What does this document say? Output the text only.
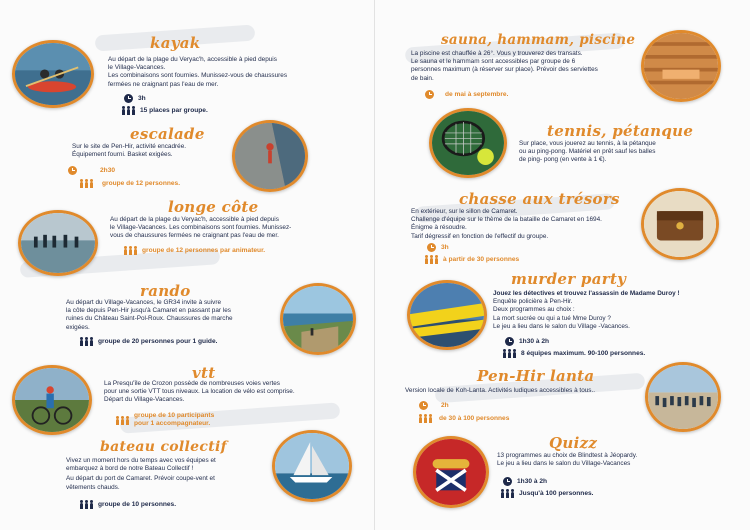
kayak

Au départ de la plage du Veryac'h, accessible à pied depuis

le Village-Vacances.

Les combinaisons sont fournies. Munissez-vous de chaussures

fermées ne craignant pas l'eau de mer.

3h
15 places par groupe.
escalade

Sur le site de Pen-Hir, activité encadrée.

Équipement fourni. Basket exigées.

2h30
groupe de 12 personnes.
longe côte

Au départ de la plage du Veryac'h, accessible à pied depuis

le Village-Vacances. Les combinaisons sont fournies. Munissez-

vous de chaussures fermées ne craignant pas l'eau de mer.

groupe de 12 personnes par animateur.
rando

Au départ du Village-Vacances, le GR34 invite à suivre

la côte depuis Pen-Hir jusqu'à Camaret en passant par les

ruines du Château Saint-Pol-Roux. Chaussures de marche

exigées.

groupe de 20 personnes pour 1 guide.
vtt

La Presqu'île de Crozon possède de nombreuses voies vertes

pour une sortie VTT tous niveaux. La location de vélo est comprise.

Départ du Village-Vacances.

groupe de 10 participants
pour 1 accompagnateur.
bateau collectif

Vivez un moment hors du temps avec vos équipes et

embarquez à bord de notre Bateau Collectif !

Au départ du port de Camaret. Prévoir coupe-vent et

vêtements chauds.

groupe de 10 personnes.
sauna, hammam, piscine

La piscine est chauffée à 26°. Vous y trouverez des transats.

Le sauna et le hammam sont accessibles par groupe de 6

personnes maximum (à réserver sur place). Prévoir des serviettes

de bain.

de mai à septembre.
tennis, pétanque

Sur place, vous jouerez au tennis, à la pétanque

ou au ping-pong. Matériel en prêt sauf les balles

de ping- pong (en vente à 1 €).

chasse aux trésors

En extérieur, sur le sillon de Camaret.

Challenge d'équipe sur le thème de la bataille de Camaret en 1694.

Énigme à résoudre.

Tarif dégressif en fonction de l'effectif du groupe.

3h
à partir de 30 personnes
murder party

Jouez les détectives et trouvez l'assassin de Madame Duroy !

Enquête policière à Pen-Hir.

Deux programmes au choix :

La mort sucrée ou qui a tué Mme Duroy ?

Le jeu a lieu dans le salon du Village -Vacances.

1h30 à 2h
8 équipes maximum. 90-100 personnes.
Pen-Hir lanta

Version locale de Koh-Lanta. Activités ludiques accessibles à tous..

2h
de 30 à 100 personnes
Quizz

13 programmes au choix de Blindtest à Jéopardy.

Le jeu a lieu dans le salon du Village-Vacances

1h30 à 2h
Jusqu'à 100 personnes.
